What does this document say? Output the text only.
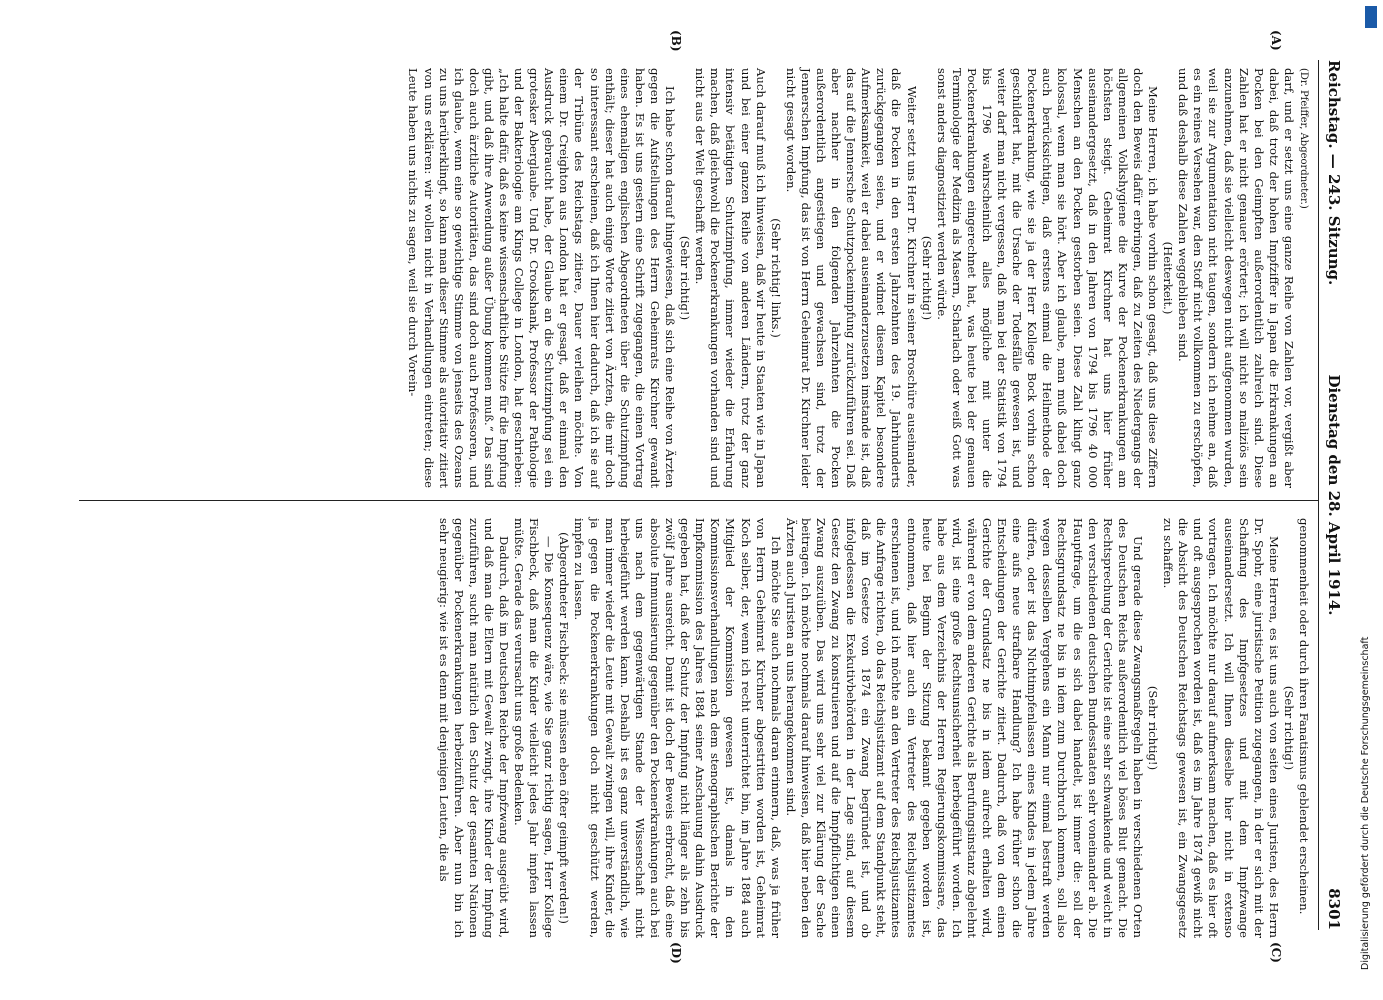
Reichstag. — 243. Sitzung.
Dienstag den 28. April 1914.
8301
(A)
(B)
(C)
(D)

(Dr. Pfeiffer, Abgeordneter.)

darf, und er setzt uns eine ganze Reihe von Zahlen vor, vergißt aber dabei, daß trotz der hohen Impfziffer in Japan die Erkrankungen an Pocken bei den Geimpften außerordentlich zahlreich sind. Diese Zahlen hat er nicht genauer erörtert; ich will nicht so maliziös sein anzunehmen, daß sie vielleicht deswegen nicht aufgenommen wurden, weil sie zur Argumentation nicht taugen, sondern ich nehme an, daß es ein reines Versehen war, den Stoff nicht vollkommen zu erschöpfen, und daß deshalb diese Zahlen weggeblieben sind.

(Heiterkeit.)

Meine Herren, ich habe vorhin schon gesagt, daß uns diese Ziffern doch den Beweis dafür erbringen, daß zu Zeiten des Niedergangs der allgemeinen Volkshygiene die Kurve der Pockenerkrankungen am höchsten steigt. Geheimrat Kirchner hat uns hier früher auseinandergesetzt, daß in den Jahren von 1794 bis 1796 40 000 Menschen an den Pocken gestorben seien. Diese Zahl klingt ganz kolossal, wenn man sie hört. Aber ich glaube, man muß dabei doch auch berücksichtigen, daß erstens einmal die Heilmethode der Pockenerkrankung, wie sie ja der Herr Kollege Bock vorhin schon geschildert hat, mit die Ursache der Todesfälle gewesen ist, und weiter darf man nicht vergessen, daß man bei der Statistik von 1794 bis 1796 wahrscheinlich alles mögliche mit unter die Pockenerkrankungen eingerechnet hat, was heute bei der genauen Terminologie der Medizin als Masern, Scharlach oder weiß Gott was sonst anders diagnostiziert werden würde.

(Sehr richtig!)

Weiter setzt uns Herr Dr. Kirchner in seiner Broschüre auseinander, daß die Pocken in den ersten Jahrzehnten des 19. Jahrhunderts zurückgegangen seien, und er widmet diesem Kapitel besondere Aufmerksamkeit, weil er dabei auseinanderzusetzen imstande ist, daß das auf die Jennersche Schutzpockenimpfung zurückzuführen sei. Daß aber nachher in den folgenden Jahrzehnten die Pocken außerordentlich angestiegen und gewachsen sind, trotz der Jennerschen Impfung, das ist von Herrn Geheimrat Dr. Kirchner leider nicht gesagt worden.

(Sehr richtig! links.)

Auch darauf muß ich hinweisen, daß wir heute in Staaten wie in Japan und bei einer ganzen Reihe von anderen Ländern, trotz der ganz intensiv betätigten Schutzimpfung, immer wieder die Erfahrung machen, daß gleichwohl die Pockenerkrankungen vorhanden sind und nicht aus der Welt geschafft werden.

(Sehr richtig!)

Ich habe schon darauf hingewiesen, daß sich eine Reihe von Ärzten gegen die Aufstellungen des Herrn Geheimrats Kirchner gewandt haben. Es ist uns gestern eine Schrift zugegangen, die einen Vortrag eines ehemaligen englischen Abgeordneten über die Schutzimpfung enthält; dieser hat auch einige Worte zitiert von Ärzten, die mir doch so interessant erscheinen, daß ich Ihnen hier dadurch, daß ich sie auf der Tribüne des Reichstags zitiere, Dauer verleihen möchte. Von einem Dr. Creighton aus London hat er gesagt, daß er einmal den Ausdruck gebraucht habe, der Glaube an die Schutzimpfung sei ein grotesker Aberglaube. Und Dr. Crookshank, Professor der Pathologie und der Bakteriologie am Kings College in London, hat geschrieben: „Ich halte dafür, daß es keine wissenschaftliche Stütze für die Impfung gibt, und daß ihre Anwendung außer Übung kommen muß.“ Das sind doch auch ärztliche Autoritäten, das sind doch auch Professoren, und ich glaube, wenn eine so gewichtige Stimme von jenseits des Ozeans zu uns herüberklingt, so kann man dieser Stimme als autoritativ zitiert von uns erklären: wir wollen nicht in Verhandlungen eintreten; diese Leute haben uns nichts zu sagen, weil sie durch Vorein-

genommenheit oder durch ihren Fanatismus geblendet erscheinen.

(Sehr richtig!)

Meine Herren, es ist uns auch von seiten eines Juristen, des Herrn Dr. Spohr, eine juristische Petition zugegangen, in der er sich mit der Schaffung des Impfgesetzes und mit dem Impfzwange auseinandersetzt. Ich will Ihnen dieselbe hier nicht in extenso vortragen. Ich möchte nur darauf aufmerksam machen, daß es hier oft und oft ausgesprochen worden ist, daß es im Jahre 1874 gewiß nicht die Absicht des Deutschen Reichstags gewesen ist, ein Zwangsgesetz zu schaffen.

(Sehr richtig!)

Und gerade diese Zwangsmaßregeln haben in verschiedenen Orten des Deutschen Reichs außerordentlich viel böses Blut gemacht. Die Rechtsprechung der Gerichte ist eine sehr schwankende und weicht in den verschiedenen deutschen Bundesstaaten sehr voneinander ab. Die Hauptfrage, um die es sich dabei handelt, ist immer die: soll der Rechtsgrundsatz ne bis in idem zum Durchbruch kommen, soll also wegen desselben Vergehens ein Mann nur einmal bestraft werden dürfen, oder ist das Nichtimpfenlassen eines Kindes in jedem Jahre eine aufs neue strafbare Handlung? Ich habe früher schon die Entscheidungen der Gerichte zitiert. Dadurch, daß von dem einen Gerichte der Grundsatz ne bis in idem aufrecht erhalten wird, während er von dem anderen Gerichte als Berufungsinstanz abgelehnt wird, ist eine große Rechtsunsicherheit herbeigeführt worden. Ich habe aus dem Verzeichnis der Herren Regierungskommissare, das heute bei Beginn der Sitzung bekannt gegeben worden ist, entnommen, daß hier auch ein Vertreter des Reichsjustizamtes erschienen ist, und ich möchte an den Vertreter des Reichsjustizamtes die Anfrage richten, ob das Reichsjustizamt auf dem Standpunkt steht, daß im Gesetze von 1874 ein Zwang begründet ist, und ob infolgedessen die Exekutivbehörden in der Lage sind, auf diesem Gesetz den Zwang zu konstruieren und auf die Impfpflichtigen einen Zwang auszuüben. Das wird uns sehr viel zur Klärung der Sache beitragen. Ich möchte nochmals darauf hinweisen, daß hier neben den Ärzten auch Juristen an uns herangekommen sind.

Ich möchte Sie auch nochmals daran erinnern, daß, was ja früher von Herrn Geheimrat Kirchner abgestritten worden ist, Geheimrat Koch selber, der, wenn ich recht unterrichtet bin, im Jahre 1884 auch Mitglied der Kommission gewesen ist, damals in den Kommissionsverhandlungen nach dem stenographischen Berichte der Impfkommission des Jahres 1884 seiner Anschauung dahin Ausdruck gegeben hat, daß der Schutz der Impfung nicht länger als zehn bis zwölf Jahre ausreicht. Damit ist doch der Beweis erbracht, daß eine absolute Immunisierung gegenüber den Pockenerkrankungen auch bei uns nach dem gegenwärtigen Stande der Wissenschaft nicht herbeigeführt werden kann. Deshalb ist es ganz unverständlich, wie man immer wieder die Leute mit Gewalt zwingen will, ihre Kinder, die ja gegen die Pockenerkrankungen doch nicht geschützt werden, impfen zu lassen.

(Abgeordneter Fischbeck: sie müssen eben öfter geimpft werden!)

— Die Konsequenz wäre, wie Sie ganz richtig sagen, Herr Kollege Fischbeck, daß man die Kinder vielleicht jedes Jahr impfen lassen müßte. Gerade das verursacht uns große Bedenken.

Dadurch, daß im Deutschen Reiche der Impfzwang ausgeübt wird, und daß man die Eltern mit Gewalt zwingt, ihre Kinder der Impfung zuzuführen, sucht man natürlich den Schutz der gesamten Nationen gegenüber Pockenerkrankungen herbeizuführen. Aber nun bin ich sehr neugierig: wie ist es denn mit denjenigen Leuten, die als	Digitalisierung gefördert durch die Deutsche Forschungsgemeinschaft
